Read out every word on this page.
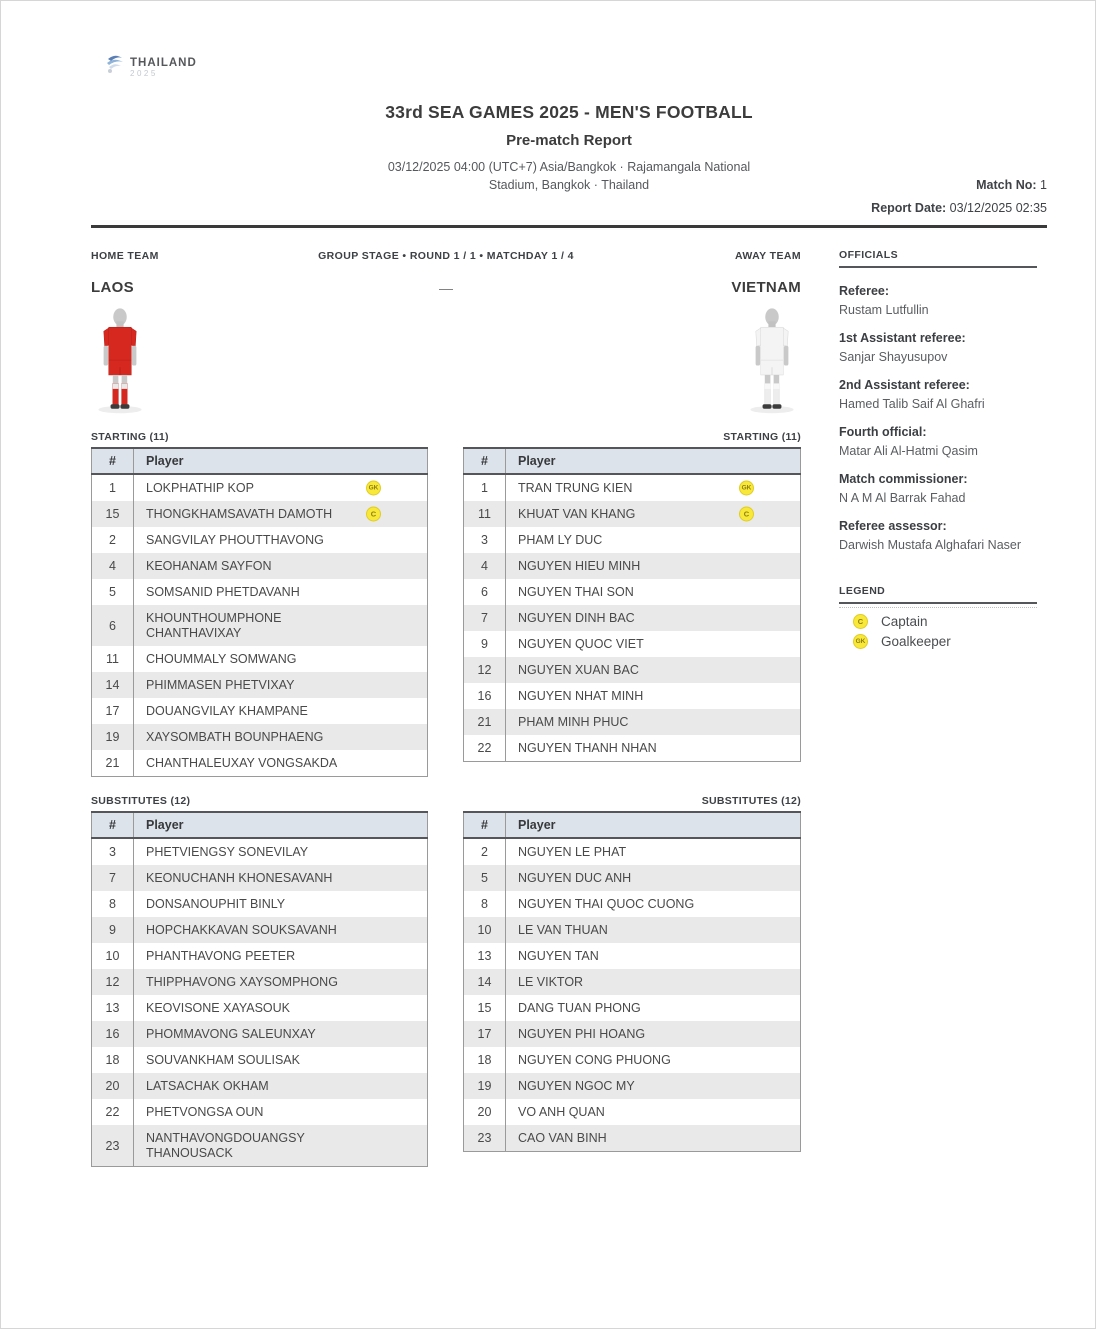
THAILAND
2025
33rd SEA GAMES 2025 - MEN'S FOOTBALL
Pre-match Report
03/12/2025 04:00 (UTC+7) Asia/Bangkok · Rajamangala National
Stadium, Bangkok · Thailand	Match No: 1
Report Date: 03/12/2025 02:35
HOME TEAM	GROUP STAGE • ROUND 1 / 1 • MATCHDAY 1 / 4	AWAY TEAM
LAOS	—	VIETNAM
STARTING (11)
#	Player
1	LOKPHATHIP KOP GK

15	THONGKHAMSAVATH DAMOTH C

2	SANGVILAY PHOUTTHAVONG
4	KEOHANAM SAYFON
5	SOMSANID PHETDAVANH
6	KHOUNTHOUMPHONE CHANTHAVIXAY
11	CHOUMMALY SOMWANG
14	PHIMMASEN PHETVIXAY
17	DOUANGVILAY KHAMPANE
19	XAYSOMBATH BOUNPHAENG
21	CHANTHALEUXAY VONGSAKDA
STARTING (11)
#	Player
1	TRAN TRUNG KIEN GK

11	KHUAT VAN KHANG C

3	PHAM LY DUC
4	NGUYEN HIEU MINH
6	NGUYEN THAI SON
7	NGUYEN DINH BAC
9	NGUYEN QUOC VIET
12	NGUYEN XUAN BAC
16	NGUYEN NHAT MINH
21	PHAM MINH PHUC
22	NGUYEN THANH NHAN
SUBSTITUTES (12)
#	Player
3	PHETVIENGSY SONEVILAY
7	KEONUCHANH KHONESAVANH
8	DONSANOUPHIT BINLY
9	HOPCHAKKAVAN SOUKSAVANH
10	PHANTHAVONG PEETER
12	THIPPHAVONG XAYSOMPHONG
13	KEOVISONE XAYASOUK
16	PHOMMAVONG SALEUNXAY
18	SOUVANKHAM SOULISAK
20	LATSACHAK OKHAM
22	PHETVONGSA OUN
23	NANTHAVONGDOUANGSY THANOUSACK
SUBSTITUTES (12)
#	Player
2	NGUYEN LE PHAT
5	NGUYEN DUC ANH
8	NGUYEN THAI QUOC CUONG
10	LE VAN THUAN
13	NGUYEN TAN
14	LE VIKTOR
15	DANG TUAN PHONG
17	NGUYEN PHI HOANG
18	NGUYEN CONG PHUONG
19	NGUYEN NGOC MY
20	VO ANH QUAN
23	CAO VAN BINH
OFFICIALS
Referee:
Rustam Lutfullin
1st Assistant referee:
Sanjar Shayusupov
2nd Assistant referee:
Hamed Talib Saif Al Ghafri
Fourth official:
Matar Ali Al-Hatmi Qasim
Match commissioner:
N A M Al Barrak Fahad
Referee assessor:
Darwish Mustafa Alghafari Naser
LEGEND
C	Captain
GK Goalkeeper
